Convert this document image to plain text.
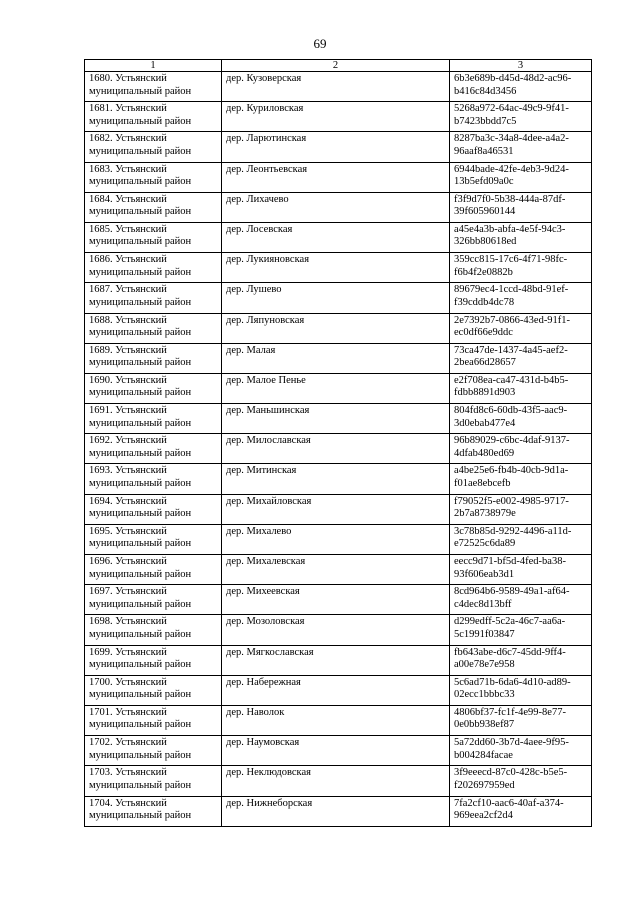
69
1	2	3

1680. Устьянский
муниципальный район	дер. Кузоверская	6b3e689b-d45d-48d2-ac96-
b416c84d3456

1681. Устьянский
муниципальный район	дер. Куриловская	5268a972-64ac-49c9-9f41-
b7423bbdd7c5

1682. Устьянский
муниципальный район	дер. Ларютинская	8287ba3c-34a8-4dee-a4a2-
96aaf8a46531

1683. Устьянский
муниципальный район	дер. Леонтьевская	6944bade-42fe-4eb3-9d24-
13b5efd09a0c

1684. Устьянский
муниципальный район	дер. Лихачево	f3f9d7f0-5b38-444a-87df-
39f605960144

1685. Устьянский
муниципальный район	дер. Лосевская	a45e4a3b-abfa-4e5f-94c3-
326bb80618ed

1686. Устьянский
муниципальный район	дер. Лукияновская	359cc815-17c6-4f71-98fc-
f6b4f2e0882b

1687. Устьянский
муниципальный район	дер. Лушево	89679ec4-1ccd-48bd-91ef-
f39cddb4dc78

1688. Устьянский
муниципальный район	дер. Ляпуновская	2e7392b7-0866-43ed-91f1-
ec0df66e9ddc

1689. Устьянский
муниципальный район	дер. Малая	73ca47de-1437-4a45-aef2-
2bea66d28657

1690. Устьянский
муниципальный район	дер. Малое Пенье	e2f708ea-ca47-431d-b4b5-
fdbb8891d903

1691. Устьянский
муниципальный район	дер. Маньшинская	804fd8c6-60db-43f5-aac9-
3d0ebab477e4

1692. Устьянский
муниципальный район	дер. Милославская	96b89029-c6bc-4daf-9137-
4dfab480ed69

1693. Устьянский
муниципальный район	дер. Митинская	a4be25e6-fb4b-40cb-9d1a-
f01ae8ebcefb

1694. Устьянский
муниципальный район	дер. Михайловская	f79052f5-e002-4985-9717-
2b7a8738979e

1695. Устьянский
муниципальный район	дер. Михалево	3c78b85d-9292-4496-a11d-
e72525c6da89

1696. Устьянский
муниципальный район	дер. Михалевская	eecc9d71-bf5d-4fed-ba38-
93f606eab3d1

1697. Устьянский
муниципальный район	дер. Михеевская	8cd964b6-9589-49a1-af64-
c4dec8d13bff

1698. Устьянский
муниципальный район	дер. Мозоловская	d299edff-5c2a-46c7-aa6a-
5c1991f03847

1699. Устьянский
муниципальный район	дер. Мягкославская	fb643abe-d6c7-45dd-9ff4-
a00e78e7e958

1700. Устьянский
муниципальный район	дер. Набережная	5c6ad71b-6da6-4d10-ad89-
02ecc1bbbc33

1701. Устьянский
муниципальный район	дер. Наволок	4806bf37-fc1f-4e99-8e77-
0e0bb938ef87

1702. Устьянский
муниципальный район	дер. Наумовская	5a72dd60-3b7d-4aee-9f95-
b004284facae

1703. Устьянский
муниципальный район	дер. Неклюдовская	3f9eeecd-87c0-428c-b5e5-
f202697959ed

1704. Устьянский
муниципальный район	дер. Нижнеборская	7fa2cf10-aac6-40af-a374-
969eea2cf2d4
